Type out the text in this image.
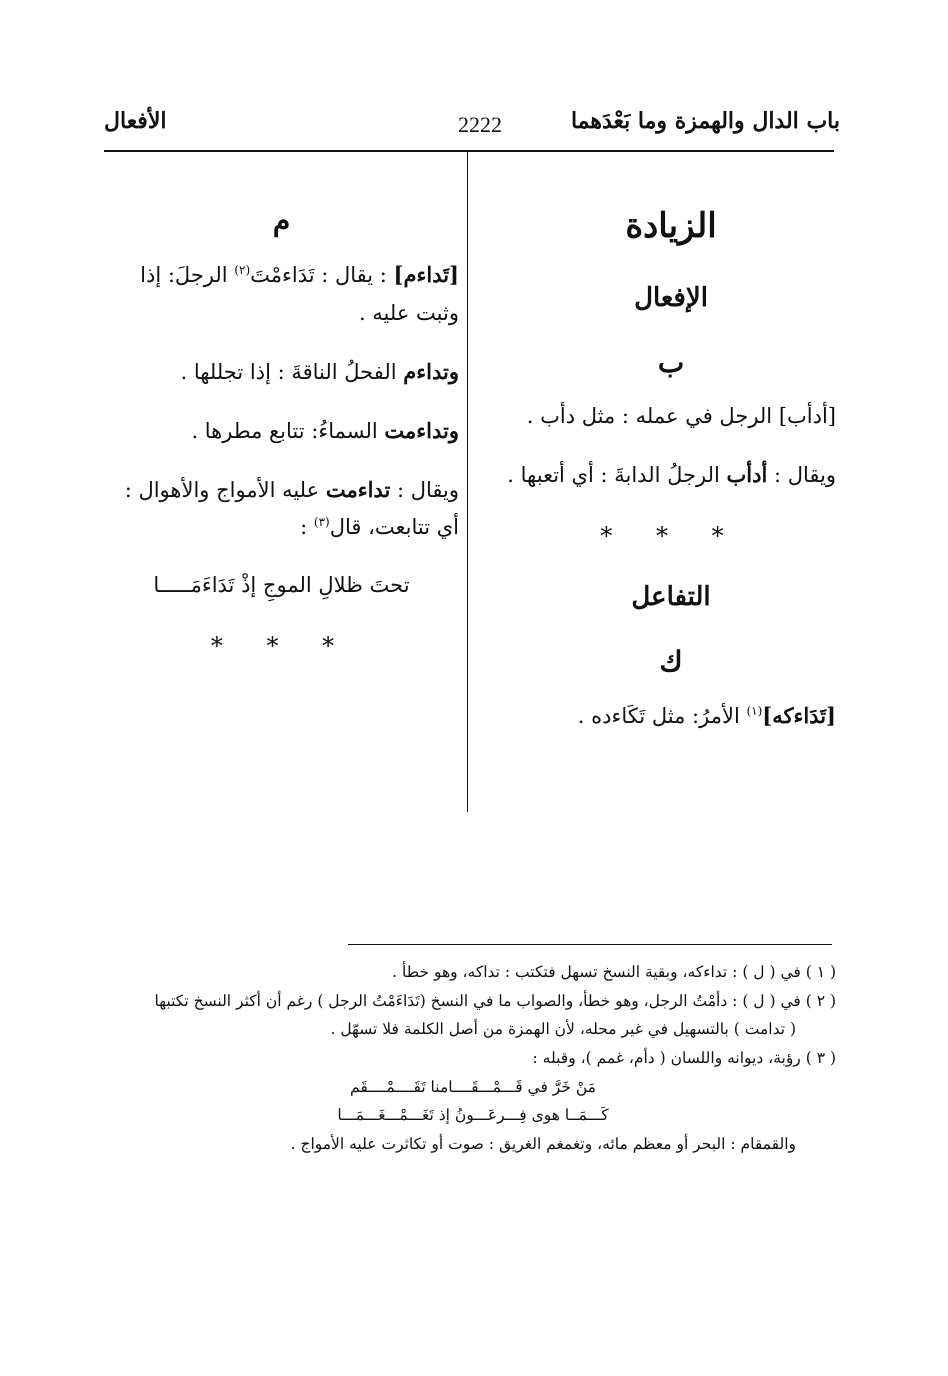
باب الدال والهمزة وما بَعْدَهما
2222
الأفعال
الزيادة
الإفعال
ب
[أدأب] الرجل في عمله : مثل دأب .
ويقال : أدأب الرجلُ الدابةَ : أي أتعبها .
* * *
التفاعل
ك
[تَدَاءكه]$^{(١)}$ الأمرُ: مثل تَكَاءده .
م
[تَداءم] : يقال : تَدَاءمْتَ$^{(٢)}$ الرجلَ: إذا وثبت عليه .
وتداءم الفحلُ الناقةَ : إذا تجللها .
وتداءمت السماءُ: تتابع مطرها .
ويقال : تداءمت عليه الأمواج والأهوال : أي تتابعت، قال$^{(٣)}$ :
تحتَ ظلالِ الموجِ إذْ تَدَاءَمَـــــا
* * *
( ١ ) في ( ل ) : تداءكه، وبقية النسخ تسهل فتكتب : تداكه، وهو خطأ .
( ٢ ) في ( ل ) : دأمْتُ الرجل، وهو خطأ، والصواب ما في النسخ (تَدَاءَمْتُ الرجل ) رغم أن أكثر النسخ تكتبها
( تدامت ) بالتسهيل في غير محله، لأن الهمزة من أصل الكلمة فلا تسهّل .
( ٣ ) رؤبة، ديوانه واللسان ( دأم، غمم )، وقبله :
مَنْ خَرَّ في قَـــمْـــقَــــامنا تَقَــــمْــــقَم
كَـــمَــا هوى فِـــرعَـــونُ إذ تَغَـــمْـــغَـــمَـــا
والقمقام : البحر أو معظم مائه، وتغمغم الغريق : صوت أو تكاثرت عليه الأمواج .
